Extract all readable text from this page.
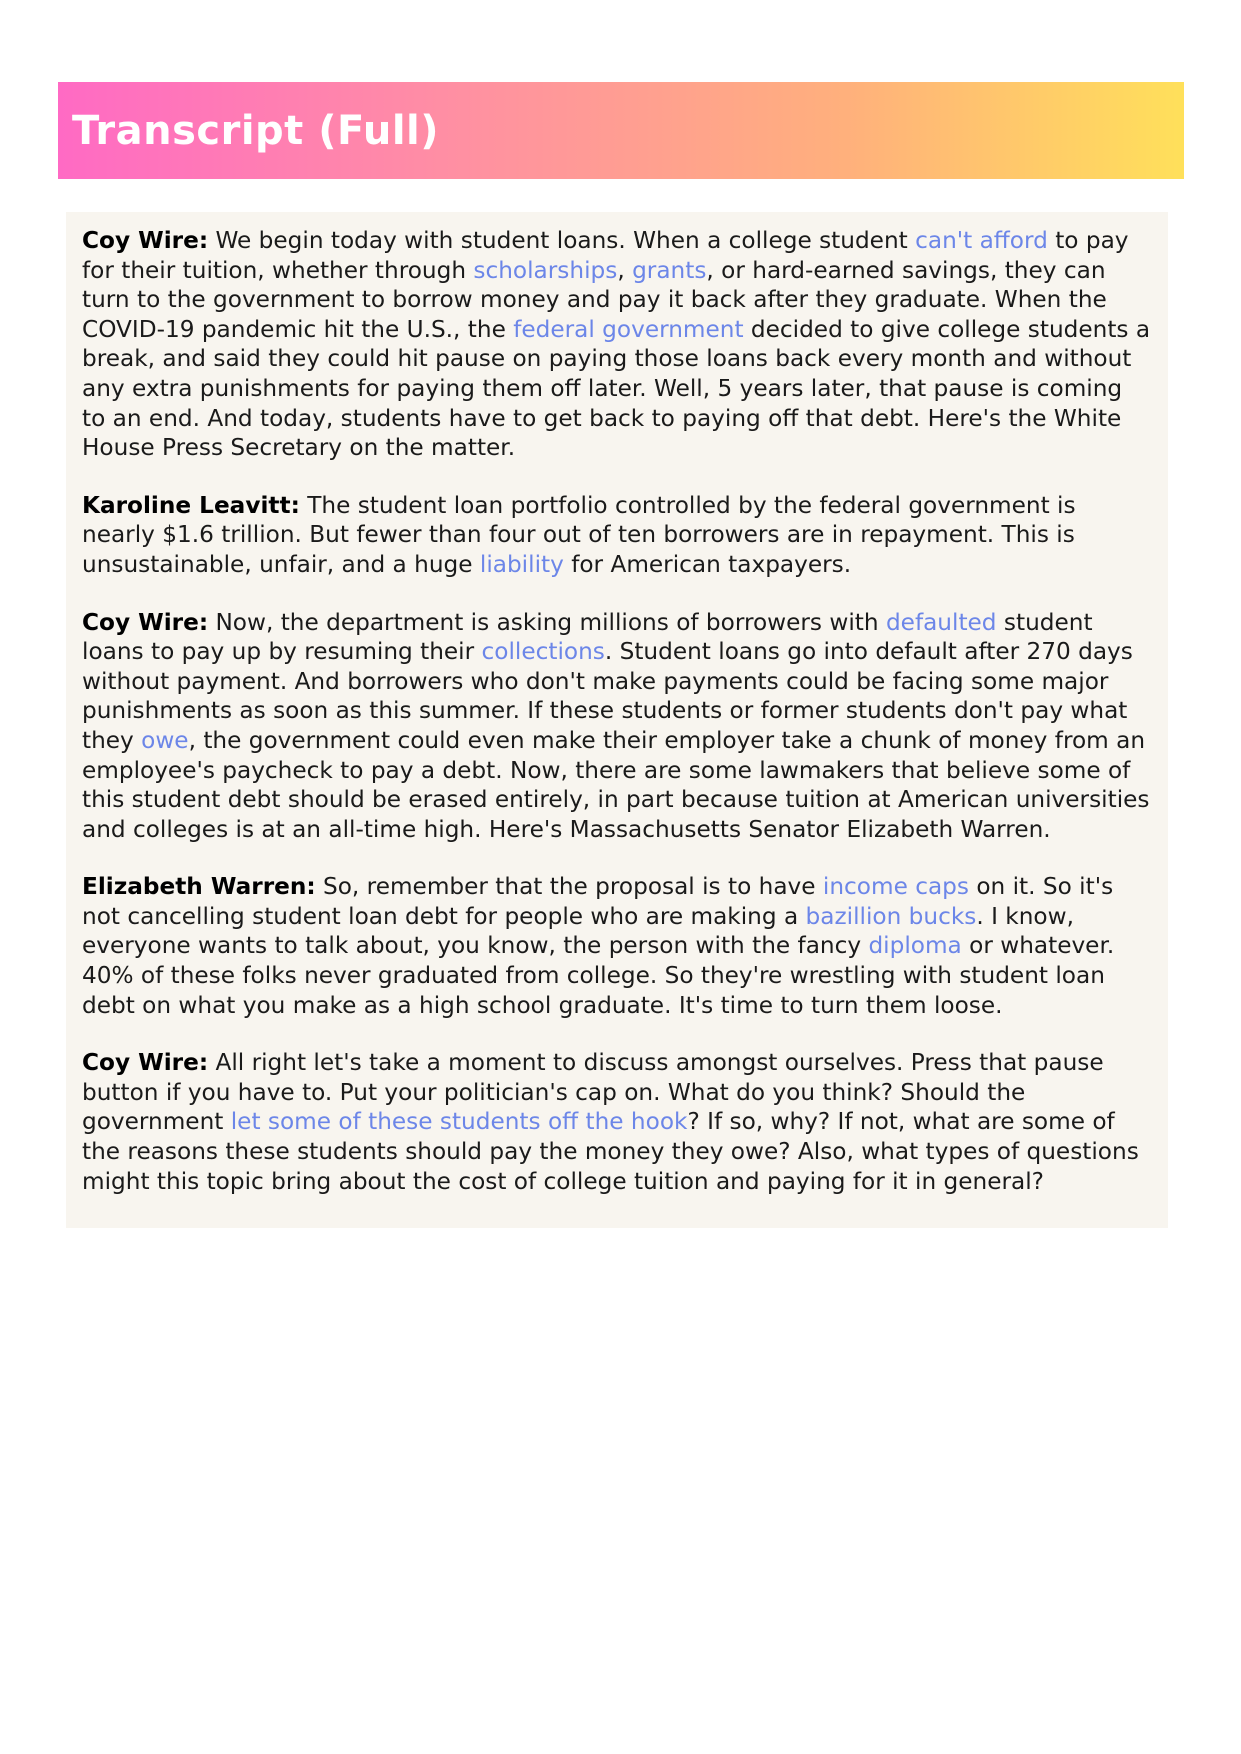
Transcript (Full)

Coy Wire: We begin today with student loans. When a college student can't afford to pay for their tuition, whether through scholarships, grants, or hard-earned savings, they can turn to the government to borrow money and pay it back after they graduate. When the COVID-19 pandemic hit the U.S., the federal government decided to give college students a break, and said they could hit pause on paying those loans back every month and without any extra punishments for paying them off later. Well, 5 years later, that pause is coming to an end. And today, students have to get back to paying off that debt. Here's the White House Press Secretary on the matter.

Karoline Leavitt: The student loan portfolio controlled by the federal government is nearly $1.6 trillion. But fewer than four out of ten borrowers are in repayment. This is unsustainable, unfair, and a huge liability for American taxpayers.

Coy Wire: Now, the department is asking millions of borrowers with defaulted student loans to pay up by resuming their collections. Student loans go into default after 270 days without payment. And borrowers who don't make payments could be facing some major punishments as soon as this summer. If these students or former students don't pay what they owe, the government could even make their employer take a chunk of money from an employee's paycheck to pay a debt. Now, there are some lawmakers that believe some of this student debt should be erased entirely, in part because tuition at American universities and colleges is at an all-time high. Here's Massachusetts Senator Elizabeth Warren.

Elizabeth Warren: So, remember that the proposal is to have income caps on it. So it's not cancelling student loan debt for people who are making a bazillion bucks. I know, everyone wants to talk about, you know, the person with the fancy diploma or whatever. 40% of these folks never graduated from college. So they're wrestling with student loan debt on what you make as a high school graduate. It's time to turn them loose.

Coy Wire: All right let's take a moment to discuss amongst ourselves. Press that pause button if you have to. Put your politician's cap on. What do you think? Should the government let some of these students off the hook? If so, why? If not, what are some of the reasons these students should pay the money they owe? Also, what types of questions might this topic bring about the cost of college tuition and paying for it in general?
